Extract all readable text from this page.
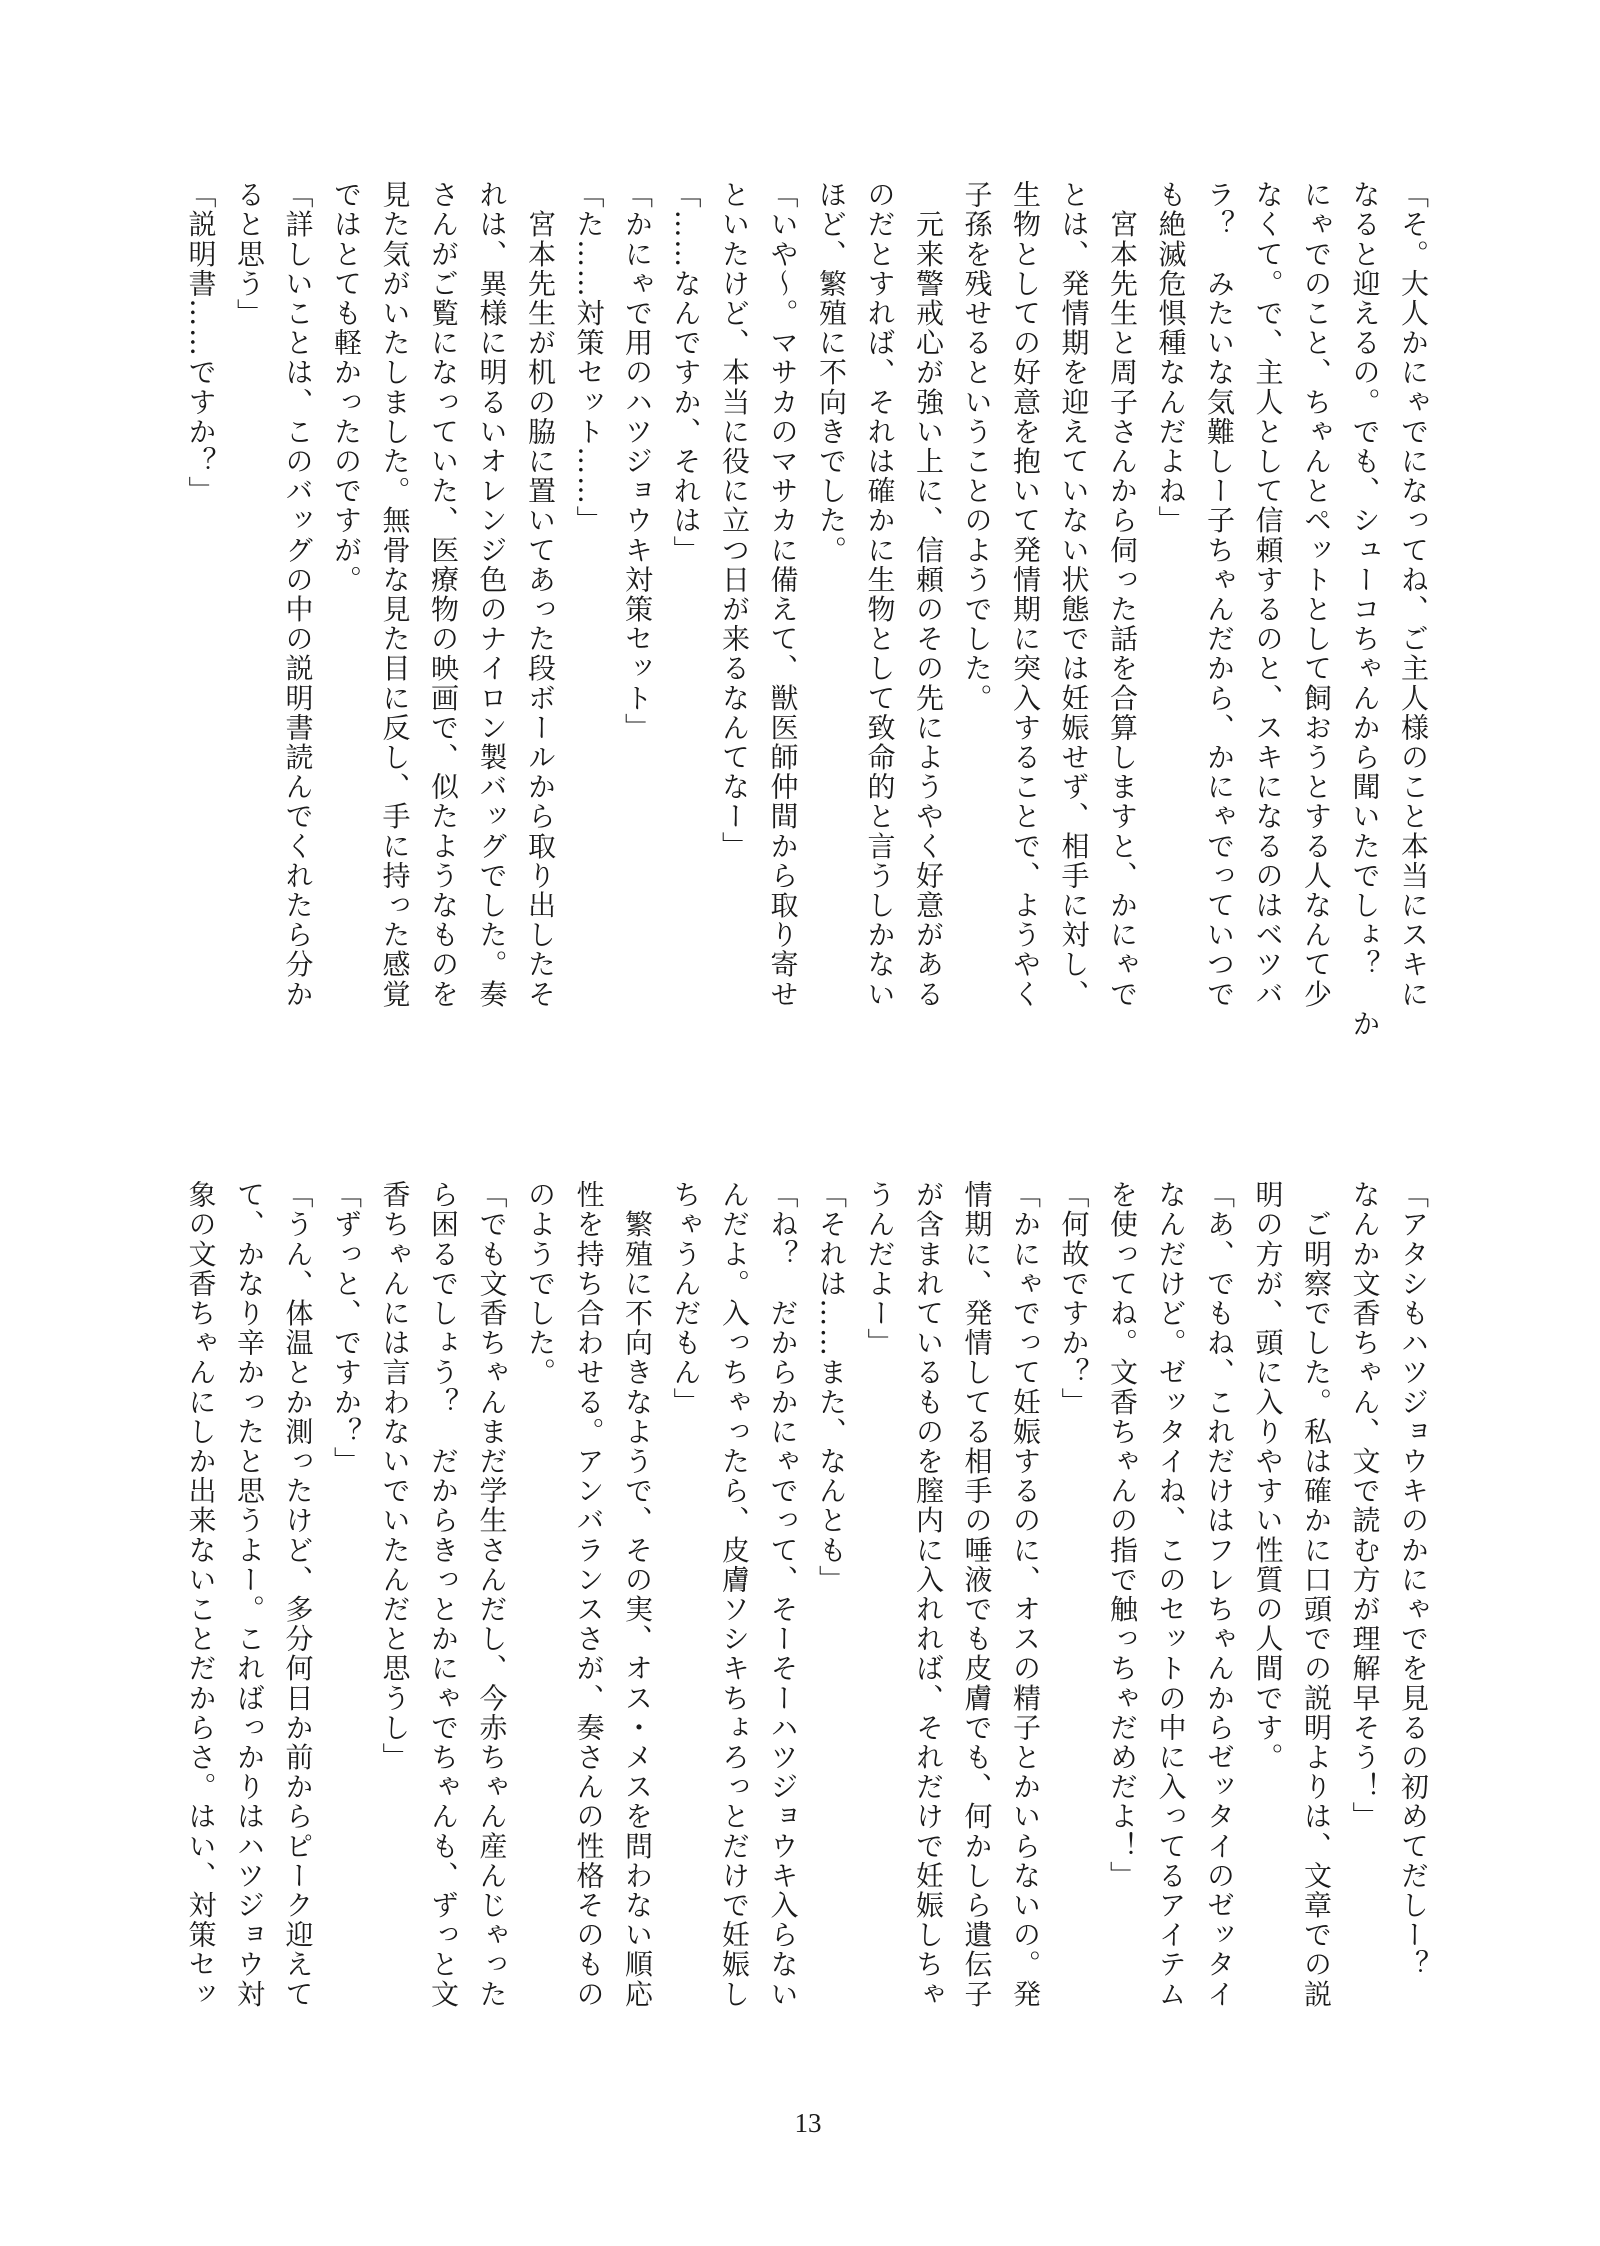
「そ。大人かにゃでになってね、ご主人様のこと本当にスキに
なると迎えるの。でも、シューコちゃんから聞いたでしょ？　か
にゃでのこと、ちゃんとペットとして飼おうとする人なんて少
なくて。で、主人として信頼するのと、スキになるのはベツバ
ラ？　みたいな気難しー子ちゃんだから、かにゃでっていつで
も絶滅危惧種なんだよね」
　宮本先生と周子さんから伺った話を合算しますと、かにゃで
とは、発情期を迎えていない状態では妊娠せず、相手に対し、
生物としての好意を抱いて発情期に突入することで、ようやく
子孫を残せるということのようでした。
　元来警戒心が強い上に、信頼のその先にようやく好意がある
のだとすれば、それは確かに生物として致命的と言うしかない
ほど、繁殖に不向きでした。
「いや～。マサカのマサカに備えて、獣医師仲間から取り寄せ
といたけど、本当に役に立つ日が来るなんてなー」
「……なんですか、それは」
「かにゃで用のハツジョウキ対策セット」
「た……対策セット……」
　宮本先生が机の脇に置いてあった段ボールから取り出したそ
れは、異様に明るいオレンジ色のナイロン製バッグでした。奏
さんがご覧になっていた、医療物の映画で、似たようなものを
見た気がいたしました。無骨な見た目に反し、手に持った感覚
ではとても軽かったのですが。
「詳しいことは、このバッグの中の説明書読んでくれたら分か
ると思う」
「説明書……ですか？」
「アタシもハツジョウキのかにゃでを見るの初めてだしー？
なんか文香ちゃん、文で読む方が理解早そう！」
　ご明察でした。私は確かに口頭での説明よりは、文章での説
明の方が、頭に入りやすい性質の人間です。
「あ、でもね、これだけはフレちゃんからゼッタイのゼッタイ
なんだけど。ゼッタイね、このセットの中に入ってるアイテム
を使ってね。文香ちゃんの指で触っちゃだめだよ！」
「何故ですか？」
「かにゃでって妊娠するのに、オスの精子とかいらないの。発
情期に、発情してる相手の唾液でも皮膚でも、何かしら遺伝子
が含まれているものを膣内に入れれば、それだけで妊娠しちゃ
うんだよー」
「それは……また、なんとも」
「ね？　だからかにゃでって、そーそーハツジョウキ入らない
んだよ。入っちゃったら、皮膚ソシキちょろっとだけで妊娠し
ちゃうんだもん」
　繁殖に不向きなようで、その実、オス・メスを問わない順応
性を持ち合わせる。アンバランスさが、奏さんの性格そのもの
のようでした。
「でも文香ちゃんまだ学生さんだし、今赤ちゃん産んじゃった
ら困るでしょう？　だからきっとかにゃでちゃんも、ずっと文
香ちゃんには言わないでいたんだと思うし」
「ずっと、ですか？」
「うん、体温とか測ったけど、多分何日か前からピーク迎えて
て、かなり辛かったと思うよー。こればっかりはハツジョウ対
象の文香ちゃんにしか出来ないことだからさ。はい、対策セッ
13
